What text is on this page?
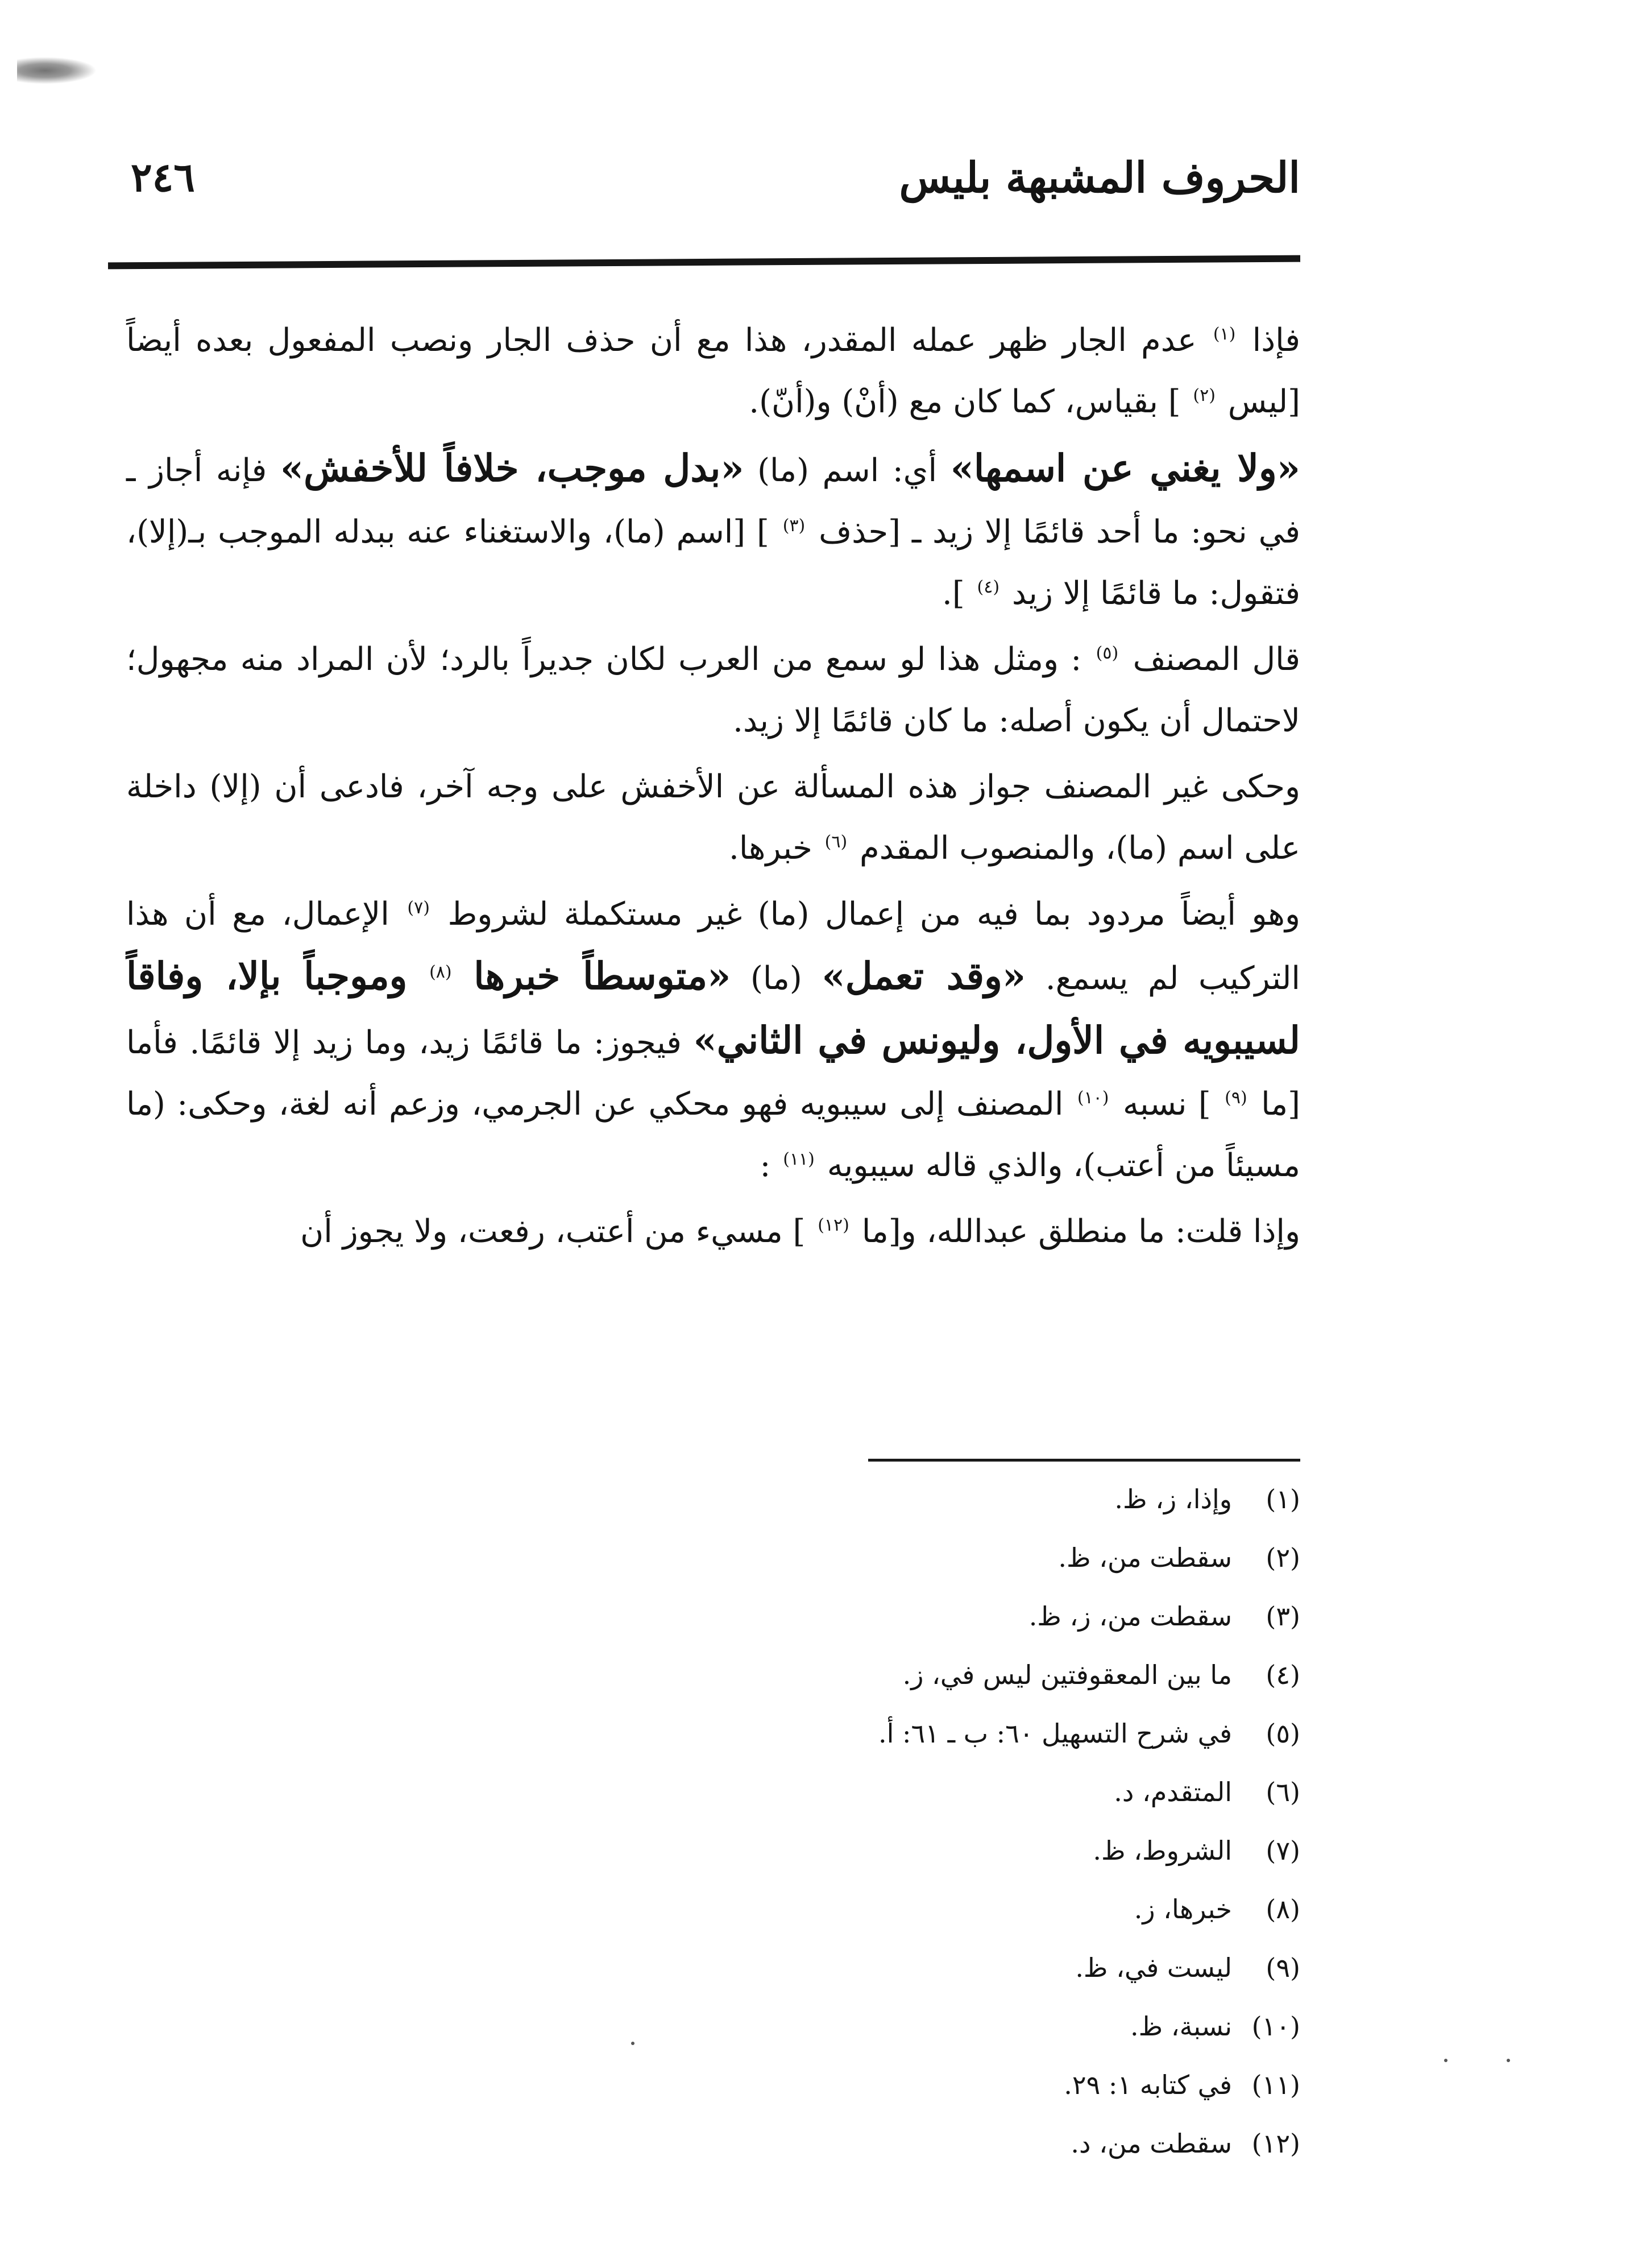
الحروف المشبهة بليس
٢٤٦

فإذا $^{(١)}$ عدم الجار ظهر عمله المقدر، هذا مع أن حذف الجار ونصب المفعول بعده أيضاً [ليس $^{(٢)}$ ] بقياس، كما كان مع (أنْ) و(أنّ).

«ولا يغني عن اسمها» أي: اسم (ما) «بدل موجب، خلافاً للأخفش» فإنه أجاز ـ في نحو: ما أحد قائمًا إلا زيد ـ [حذف $^{(٣)}$ ] [اسم (ما)، والاستغناء عنه ببدله الموجب بـ(إلا)، فتقول: ما قائمًا إلا زيد $^{(٤)}$ ].

قال المصنف $^{(٥)}$ : ومثل هذا لو سمع من العرب لكان جديراً بالرد؛ لأن المراد منه مجهول؛ لاحتمال أن يكون أصله: ما كان قائمًا إلا زيد.

وحكى غير المصنف جواز هذه المسألة عن الأخفش على وجه آخر، فادعى أن (إلا) داخلة على اسم (ما)، والمنصوب المقدم $^{(٦)}$ خبرها.

وهو أيضاً مردود بما فيه من إعمال (ما) غير مستكملة لشروط $^{(٧)}$ الإعمال، مع أن هذا التركيب لم يسمع. «وقد تعمل» (ما) «متوسطاً خبرها $^{(٨)}$ وموجباً بإلا، وفاقاً لسيبويه في الأول، وليونس في الثاني» فيجوز: ما قائمًا زيد، وما زيد إلا قائمًا. فأما [ما $^{(٩)}$ ] نسبه $^{(١٠)}$ المصنف إلى سيبويه فهو محكي عن الجرمي، وزعم أنه لغة، وحكى: (ما مسيئاً من أعتب)، والذي قاله سيبويه $^{(١١)}$ :

وإذا قلت: ما منطلق عبدالله، و[ما $^{(١٢)}$ ] مسيء من أعتب، رفعت، ولا يجوز أن

(١)
وإذا، ز، ظ.
(٢)
سقطت من، ظ.
(٣)
سقطت من، ز، ظ.
(٤)
ما بين المعقوفتين ليس في، ز.
(٥)
في شرح التسهيل ٦٠: ب ـ ٦١: أ.
(٦)
المتقدم، د.
(٧)
الشروط، ظ.
(٨)
خبرها، ز.
(٩)
ليست في، ظ.
(١٠)
نسبة، ظ.
(١١)
في كتابه ١: ٢٩.
(١٢)
سقطت من، د.
